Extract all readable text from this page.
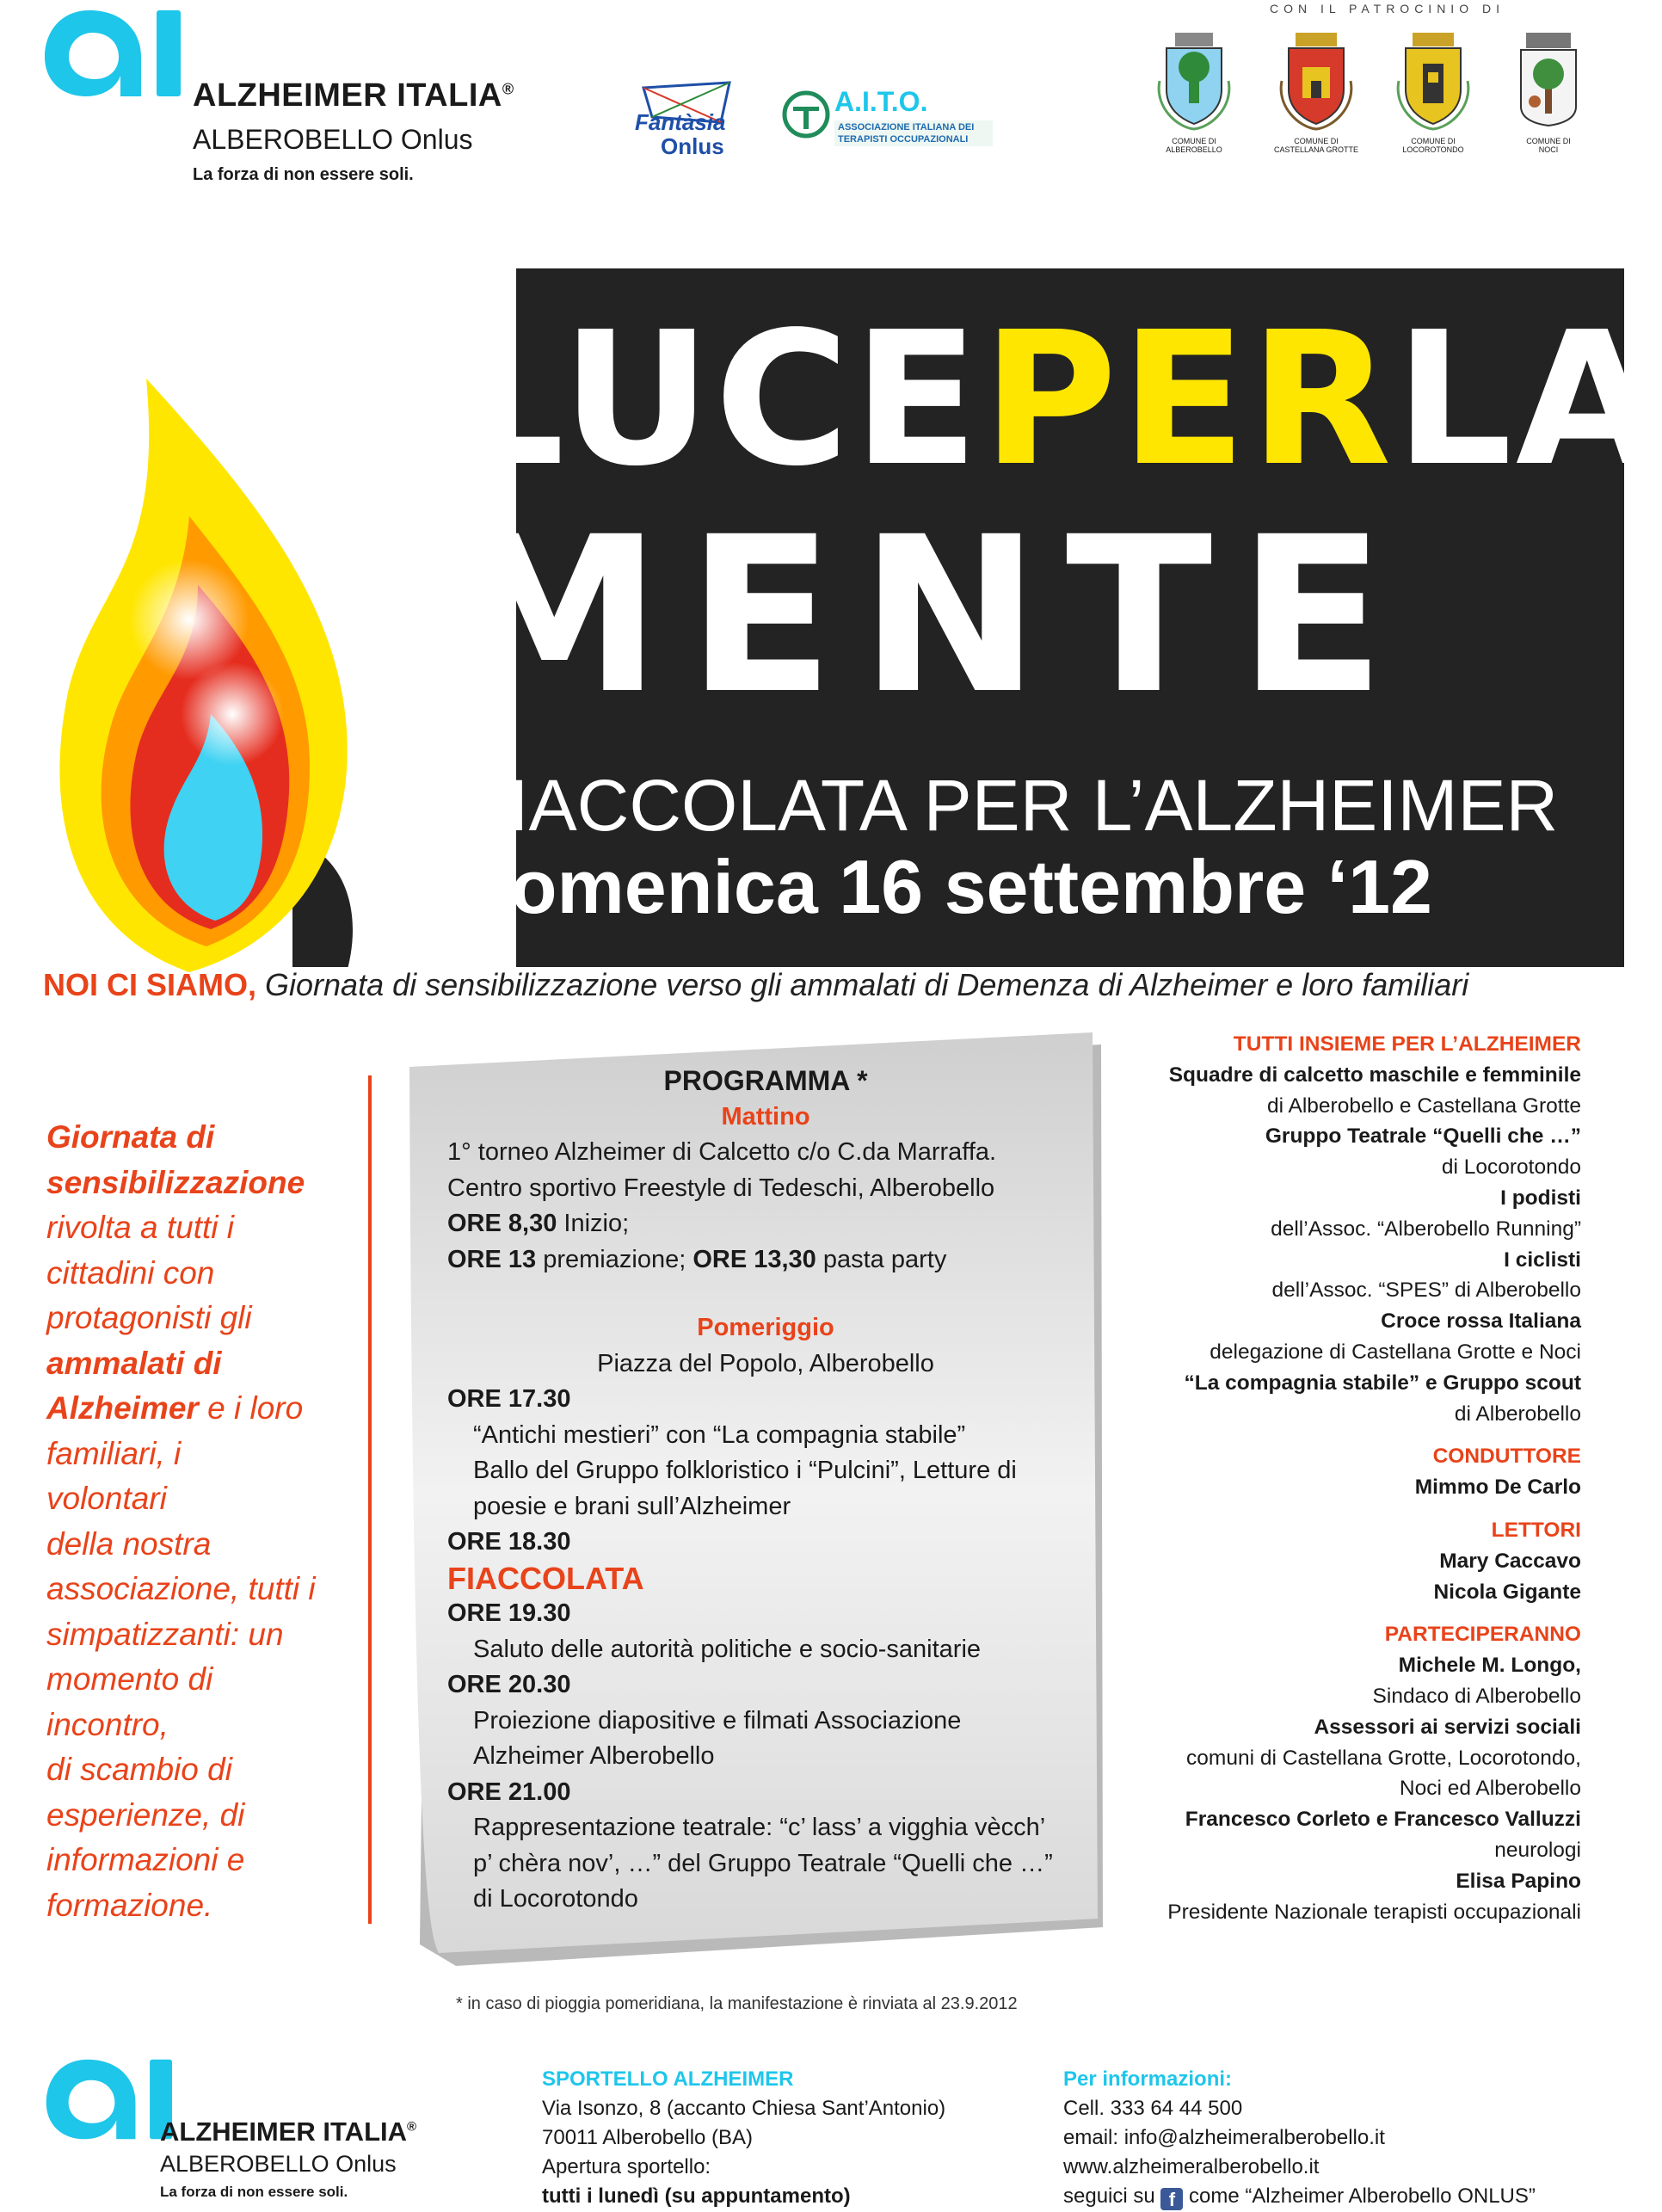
ALZHEIMER ITALIA®
ALBEROBELLO Onlus
La forza di non essere soli.
Fantàsia
Onlus
A.I.T.O.
ASSOCIAZIONE ITALIANA DEI
TERAPISTI OCCUPAZIONALI
CON IL PATROCINIO DI
COMUNE DI
ALBEROBELLO
COMUNE DI
CASTELLANA GROTTE
COMUNE DI
LOCOROTONDO
COMUNE DI
NOCI
LUCEPERLA
MENTE
FIACCOLATA PER L’ALZHEIMER
domenica 16 settembre ‘12
NOI CI SIAMO, Giornata di sensibilizzazione verso gli ammalati di Demenza di Alzheimer e loro familiari
Giornata di
sensibilizzazione
rivolta a tutti i
cittadini con
protagonisti gli
ammalati di
Alzheimer e i loro
familiari, i
volontari
della nostra
associazione, tutti i
simpatizzanti: un
momento di
incontro,
di scambio di
esperienze, di
informazioni e
formazione.
PROGRAMMA *
Mattino
1° torneo Alzheimer di Calcetto c/o C.da Marraffa.
Centro sportivo Freestyle di Tedeschi, Alberobello
ORE 8,30 Inizio;
ORE 13 premiazione; ORE 13,30 pasta party
Pomeriggio
Piazza del Popolo, Alberobello
ORE 17.30
“Antichi mestieri” con “La compagnia stabile”
Ballo del Gruppo folkloristico i “Pulcini”, Letture di
poesie e brani sull’Alzheimer
ORE 18.30
FIACCOLATA
ORE 19.30
Saluto delle autorità politiche e socio-sanitarie
ORE 20.30
Proiezione diapositive e filmati Associazione
Alzheimer Alberobello
ORE 21.00
Rappresentazione teatrale: “c’ lass’ a vigghia vècch’
p’ chèra nov’, …” del Gruppo Teatrale “Quelli che …”
di Locorotondo
* in caso di pioggia pomeridiana, la manifestazione è rinviata al 23.9.2012
TUTTI INSIEME PER L’ALZHEIMER
Squadre di calcetto maschile e femminile
di Alberobello e Castellana Grotte
Gruppo Teatrale “Quelli che …”
di Locorotondo
I podisti
dell’Assoc. “Alberobello Running”
I ciclisti
dell’Assoc. “SPES” di Alberobello
Croce rossa Italiana
delegazione di Castellana Grotte e Noci
“La compagnia stabile” e Gruppo scout
di Alberobello
CONDUTTORE
Mimmo De Carlo
LETTORI
Mary Caccavo
Nicola Gigante
PARTECIPERANNO
Michele M. Longo,
Sindaco di Alberobello
Assessori ai servizi sociali
comuni di Castellana Grotte, Locorotondo,
Noci ed Alberobello
Francesco Corleto e Francesco Valluzzi
neurologi
Elisa Papino
Presidente Nazionale terapisti occupazionali
ALZHEIMER ITALIA®
ALBEROBELLO Onlus
La forza di non essere soli.
SPORTELLO ALZHEIMER
Via Isonzo, 8 (accanto Chiesa Sant’Antonio)
70011 Alberobello (BA)
Apertura sportello:
tutti i lunedì (su appuntamento)
Per informazioni:
Cell. 333 64 44 500
email: info@alzheimeralberobello.it
www.alzheimeralberobello.it
seguici su f come “Alzheimer Alberobello ONLUS”
